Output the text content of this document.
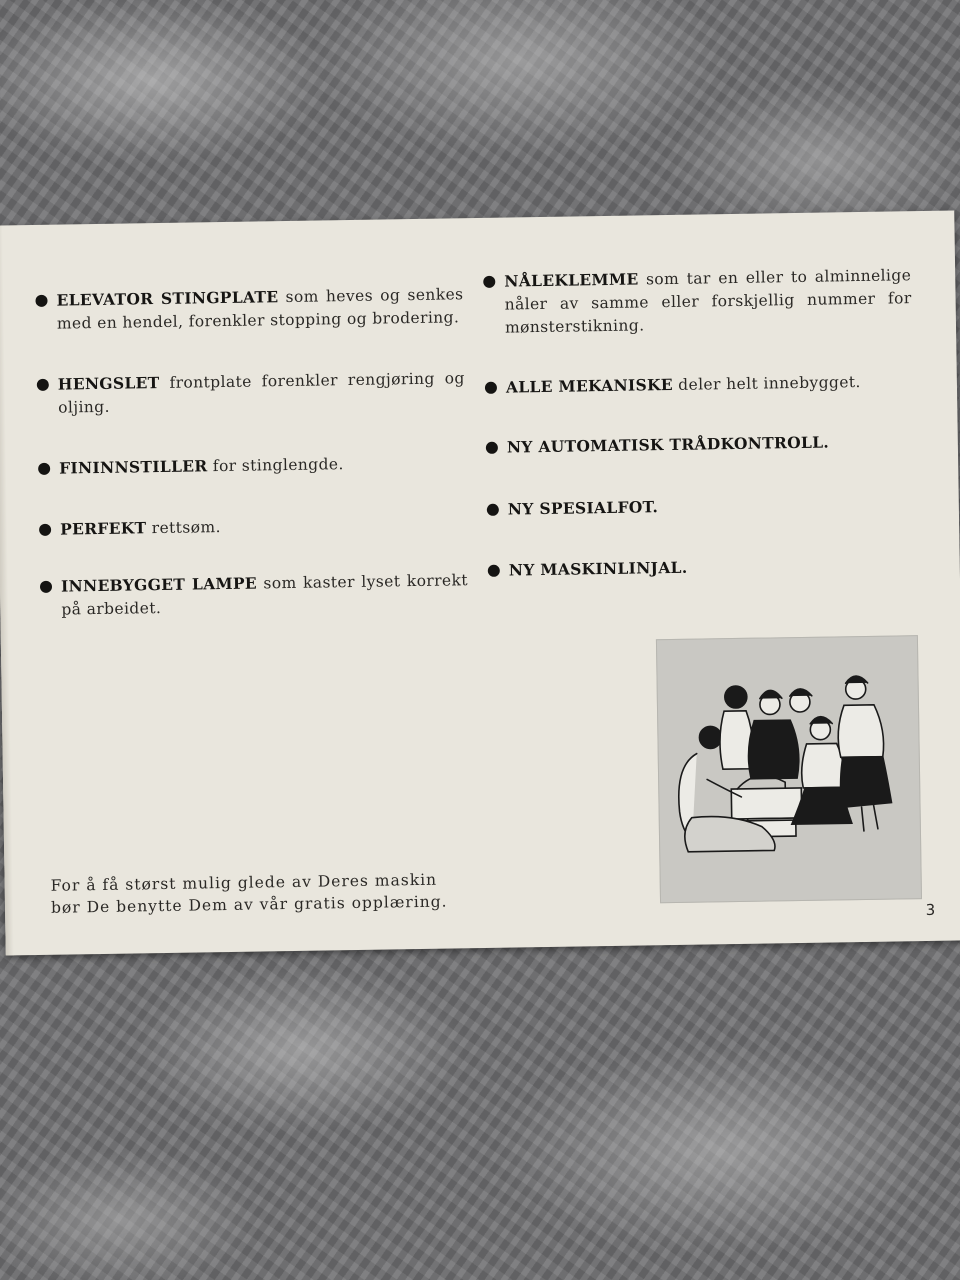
ELEVATOR STINGPLATE som heves og senkes med en hendel, forenkler stopping og brodering.
HENGSLET frontplate forenkler rengjøring og oljing.
FININNSTILLER for stinglengde.
PERFEKT rettsøm.
INNEBYGGET LAMPE som kaster lyset korrekt på arbeidet.
NÅLEKLEMME som tar en eller to alminnelige nåler av samme eller forskjellig nummer for mønsterstikning.
ALLE MEKANISKE deler helt innebygget.
NY AUTOMATISK TRÅDKONTROLL.
NY SPESIALFOT.
NY MASKINLINJAL.
For å få størst mulig glede av Deres maskin
bør De benytte Dem av vår gratis opplæring.	3
